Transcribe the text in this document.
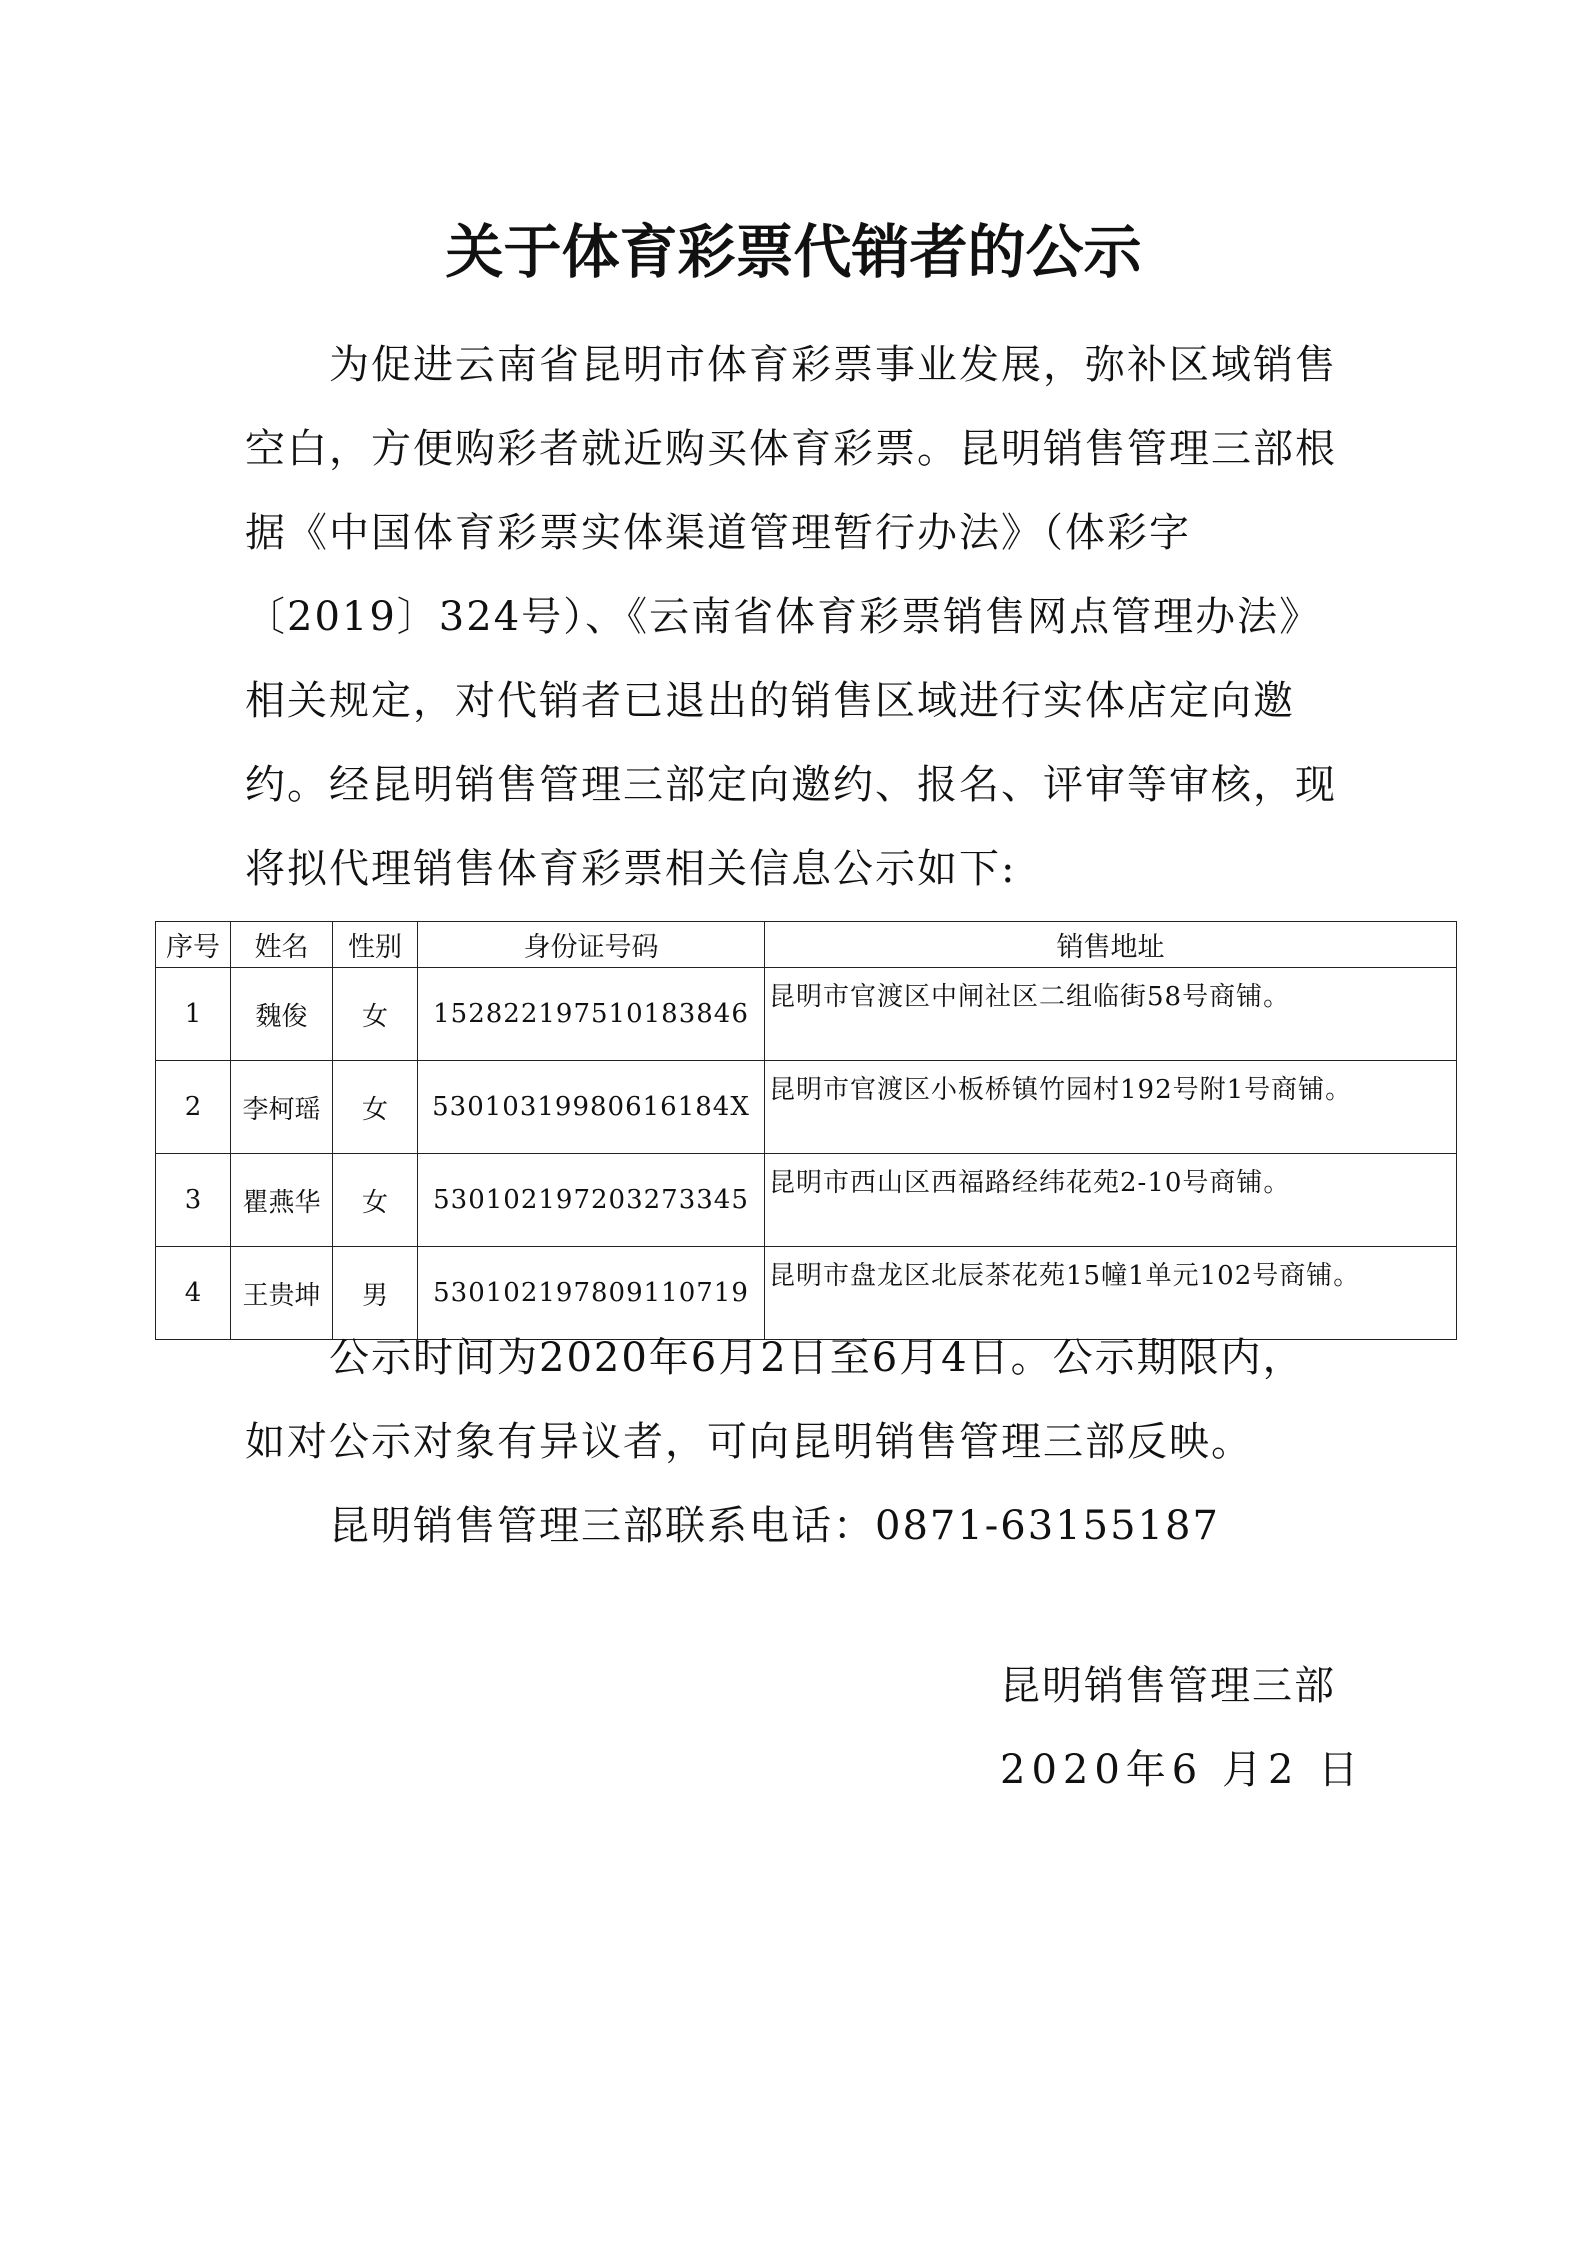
关于体育彩票代销者的公示

为促进云南省昆明市体育彩票事业发展，弥补区域销售空白，方便购彩者就近购买体育彩票。昆明销售管理三部根据《中国体育彩票实体渠道管理暂行办法》（体彩字〔2019〕324号）、《云南省体育彩票销售网点管理办法》相关规定，对代销者已退出的销售区域进行实体店定向邀约。 经昆明销售管理三部定向邀约、报名、评审等审核，现将拟代理销售体育彩票相关信息公示如下:

序号	姓名	性别	身份证号码	销售地址
1	魏俊	女	152822197510183846	昆明市官渡区中闸社区二组临街58号商铺。
2	李柯瑶	女	53010319980616184X	昆明市官渡区小板桥镇竹园村192号附1号商铺。
3	瞿燕华	女	530102197203273345	昆明市西山区西福路经纬花苑2-10号商铺。
4	王贵坤	男	530102197809110719	昆明市盘龙区北辰茶花苑15幢1单元102号商铺。

公示时间为2020年6月2日至6月4日。公示期限内，如对公示对象有异议者，可向昆明销售管理三部反映。

昆明销售管理三部联系电话：0871-63155187

昆明销售管理三部

2020年6 月2 日
